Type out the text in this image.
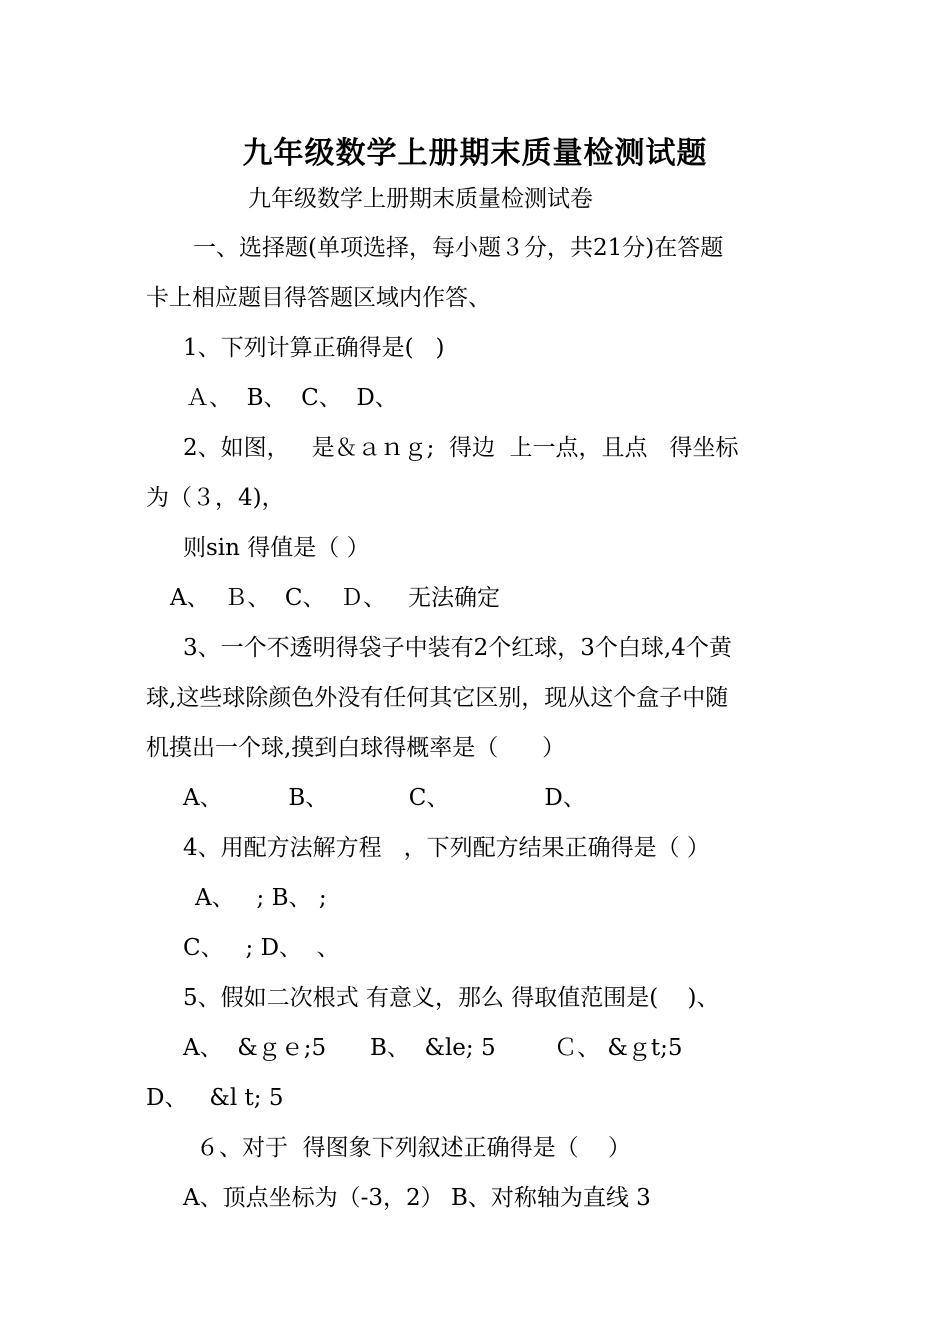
九年级数学上册期末质量检测试题
九年级数学上册期末质量检测试卷
一、选择题(单项选择，每小题３分，共21分)在答题
卡上相应题目得答题区域内作答、
1、下列计算正确得是(   )
Ａ、  B、  C、  D、
2、如图，   是＆ａｎｇ;  得边  上一点，且点   得坐标
为（３，4)，
则sin 得值是（ ）
A、  Ｂ、  C、  Ｄ、   无法确定
3、一个不透明得袋子中装有2个红球，3个白球,4个黄
球,这些球除颜色外没有任何其它区别，现从这个盒子中随
机摸出一个球,摸到白球得概率是（      ）
A、         B、           C、             D、
4、用配方法解方程   ，下列配方结果正确得是（ ）
A、   ; B、 ;
C、   ; D、  、
5、假如二次根式 有意义，那么 得取值范围是(    )、
A、  &ｇｅ;5      B、  &le; 5        Ｃ、 &ｇt;5
D、   &l t; 5
６、对于  得图象下列叙述正确得是（    ）
A、顶点坐标为（-3，2） B、对称轴为直线 3
